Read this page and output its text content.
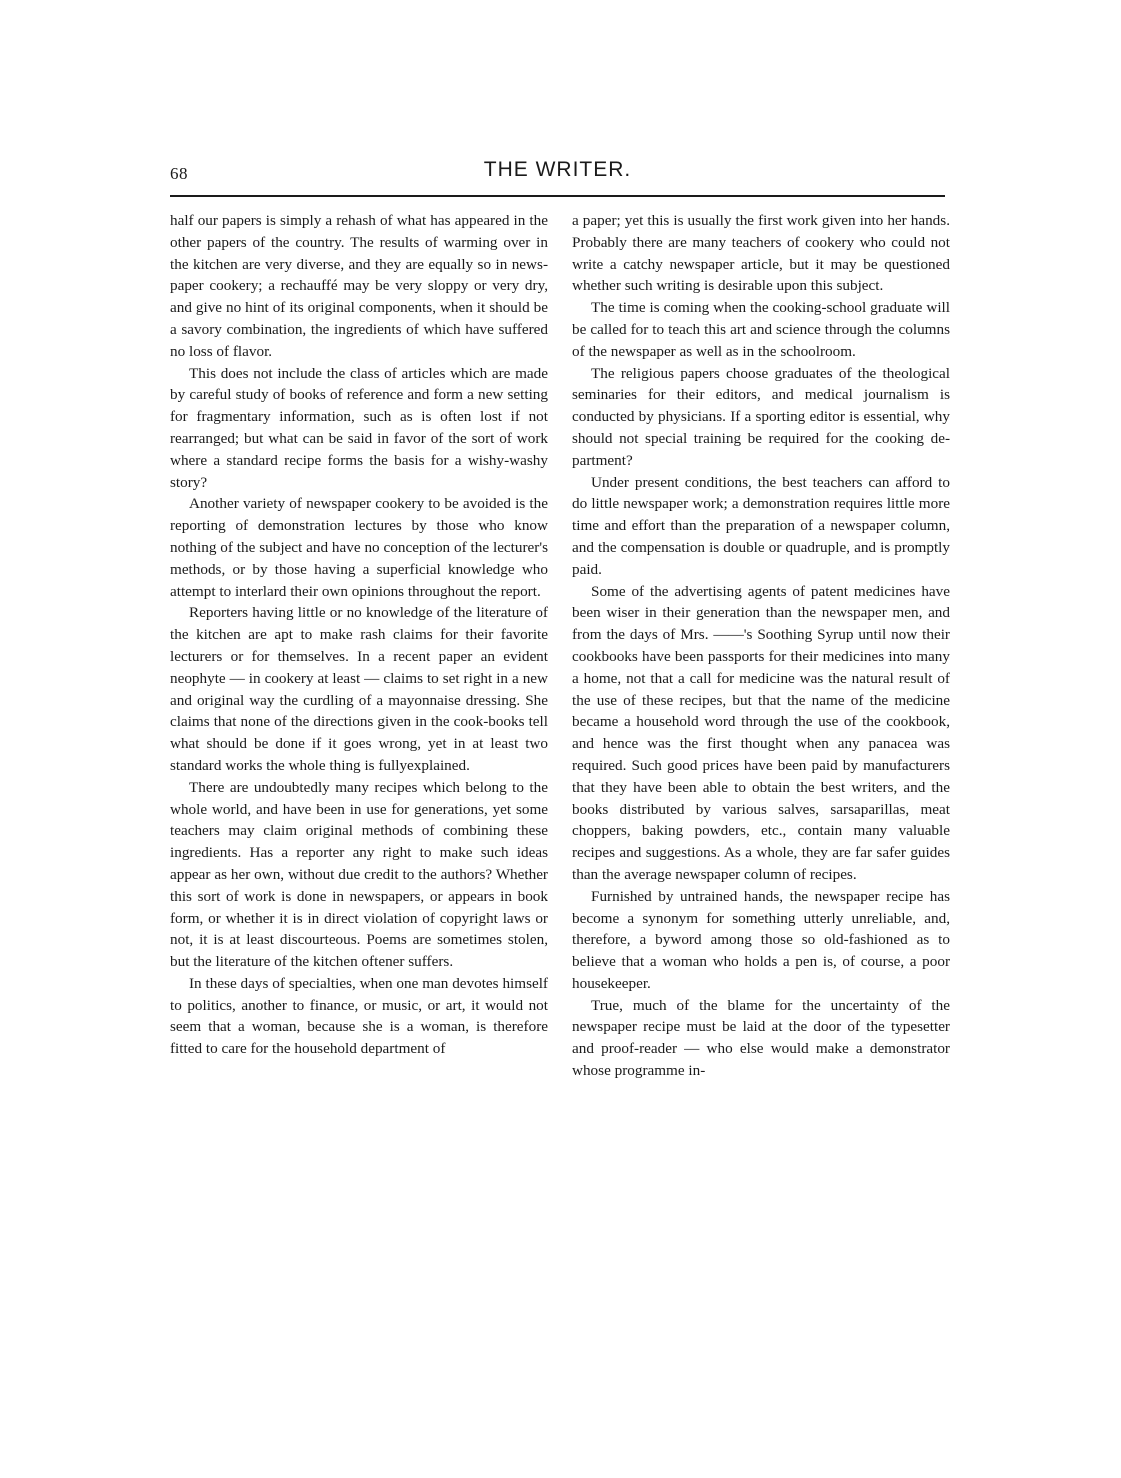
68	THE WRITER.

half our papers is simply a rehash of what has appeared in the other papers of the country. The results of warming over in the kitchen are very diverse, and they are equally so in newspaper cookery; a rechauffé may be very sloppy or very dry, and give no hint of its original components, when it should be a savory combination, the ingredients of which have suffered no loss of flavor.

This does not include the class of articles which are made by careful study of books of reference and form a new setting for fragmentary information, such as is often lost if not rearranged; but what can be said in favor of the sort of work where a standard recipe forms the basis for a wishy-washy story?

Another variety of newspaper cookery to be avoided is the reporting of demonstration lectures by those who know nothing of the subject and have no conception of the lecturer's methods, or by those having a superficial knowledge who attempt to interlard their own opinions throughout the report.

Reporters having little or no knowledge of the literature of the kitchen are apt to make rash claims for their favorite lecturers or for themselves. In a recent paper an evident neophyte — in cookery at least — claims to set right in a new and original way the curdling of a mayonnaise dressing. She claims that none of the directions given in the cook-books tell what should be done if it goes wrong, yet in at least two standard works the whole thing is fullyexplained.

There are undoubtedly many recipes which belong to the whole world, and have been in use for generations, yet some teachers may claim original methods of combining these ingredients. Has a reporter any right to make such ideas appear as her own, without due credit to the authors? Whether this sort of work is done in newspapers, or appears in book form, or whether it is in direct violation of copyright laws or not, it is at least discourteous. Poems are sometimes stolen, but the literature of the kitchen oftener suffers.

In these days of specialties, when one man devotes himself to politics, another to finance, or music, or art, it would not seem that a woman, because she is a woman, is therefore fitted to care for the household department of

a paper; yet this is usually the first work given into her hands. Probably there are many teachers of cookery who could not write a catchy newspaper article, but it may be questioned whether such writing is desirable upon this subject.

The time is coming when the cooking-school graduate will be called for to teach this art and science through the columns of the newspaper as well as in the schoolroom.

The religious papers choose graduates of the theological seminaries for their editors, and medical journalism is conducted by physicians. If a sporting editor is essential, why should not special training be required for the cooking department?

Under present conditions, the best teachers can afford to do little newspaper work; a demonstration requires little more time and effort than the preparation of a newspaper column, and the compensation is double or quadruple, and is promptly paid.

Some of the advertising agents of patent medicines have been wiser in their generation than the newspaper men, and from the days of Mrs. ——'s Soothing Syrup until now their cookbooks have been passports for their medicines into many a home, not that a call for medicine was the natural result of the use of these recipes, but that the name of the medicine became a household word through the use of the cookbook, and hence was the first thought when any panacea was required. Such good prices have been paid by manufacturers that they have been able to obtain the best writers, and the books distributed by various salves, sarsaparillas, meat choppers, baking powders, etc., contain many valuable recipes and suggestions. As a whole, they are far safer guides than the average newspaper column of recipes.

Furnished by untrained hands, the newspaper recipe has become a synonym for something utterly unreliable, and, therefore, a byword among those so old-fashioned as to believe that a woman who holds a pen is, of course, a poor housekeeper.

True, much of the blame for the uncertainty of the newspaper recipe must be laid at the door of the typesetter and proof-reader — who else would make a demonstrator whose programme in-
